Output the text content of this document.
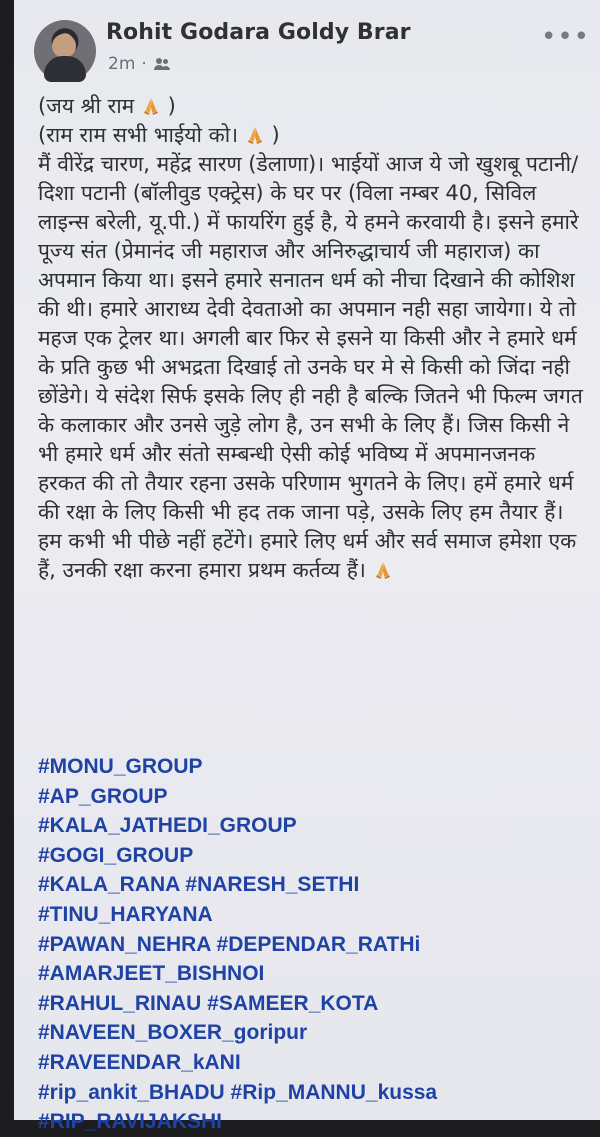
Rohit Godara Goldy Brar
2m ·
•••

(जय श्री राम )

(राम राम सभी भाईयो को। )

मैं वीरेंद्र चारण, महेंद्र सारण (डेलाणा)। भाईयों आज ये जो खुशबू पटानी/दिशा पटानी (बॉलीवुड एक्ट्रेस) के घर पर (विला नम्बर 40, सिविल लाइन्स बरेली, यू.पी.) में फायरिंग हुई है, ये हमने करवायी है। इसने हमारे पूज्य संत (प्रेमानंद जी महाराज और अनिरुद्धाचार्य जी महाराज) का अपमान किया था। इसने हमारे सनातन धर्म को नीचा दिखाने की कोशिश की थी। हमारे आराध्य देवी देवताओ का अपमान नही सहा जायेगा। ये तो महज एक ट्रेलर था। अगली बार फिर से इसने या किसी और ने हमारे धर्म के प्रति कुछ भी अभद्रता दिखाई तो उनके घर मे से किसी को जिंदा नही छोंडेगे। ये संदेश सिर्फ इसके लिए ही नही है बल्कि जितने भी फिल्म जगत के कलाकार और उनसे जुड़े लोग है, उन सभी के लिए हैं। जिस किसी ने भी हमारे धर्म और संतो सम्बन्धी ऐसी कोई भविष्य में अपमानजनक हरकत की तो तैयार रहना उसके परिणाम भुगतने के लिए। हमें हमारे धर्म की रक्षा के लिए किसी भी हद तक जाना पड़े, उसके लिए हम तैयार हैं। हम कभी भी पीछे नहीं हटेंगे। हमारे लिए धर्म और सर्व समाज हमेशा एक हैं, उनकी रक्षा करना हमारा प्रथम कर्तव्य हैं।

#MONU_GROUP

#AP_GROUP

#KALA_JATHEDI_GROUP

#GOGI_GROUP

#KALA_RANA #NARESH_SETHI

#TINU_HARYANA

#PAWAN_NEHRA #DEPENDAR_RATHi

#AMARJEET_BISHNOI

#RAHUL_RINAU #SAMEER_KOTA

#NAVEEN_BOXER_goripur

#RAVEENDAR_kANI

#rip_ankit_BHADU #Rip_MANNU_kussa

#RIP_RAVIJAKSHI
